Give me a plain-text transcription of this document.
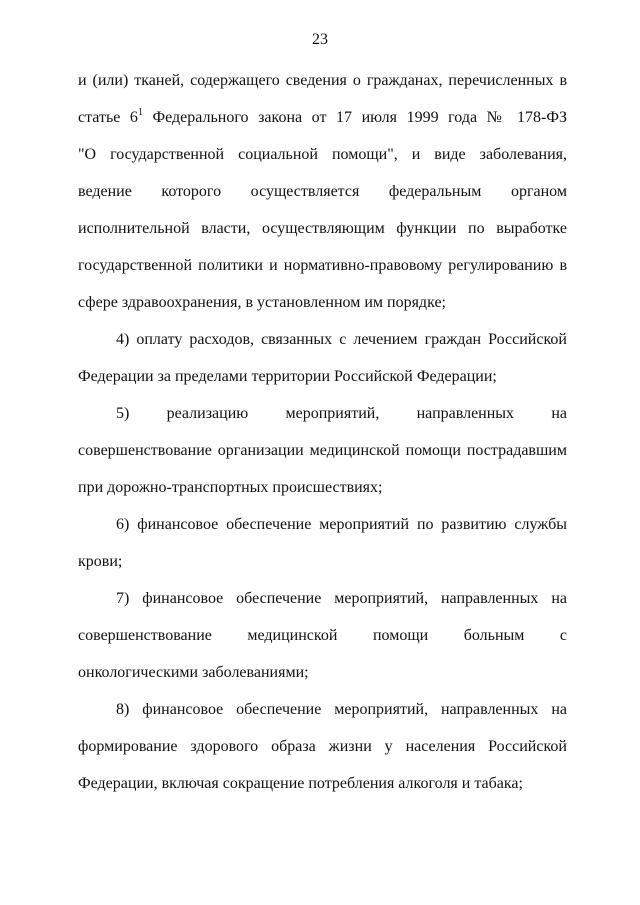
23
и (или) тканей, содержащего сведения о гражданах, перечисленных в
статье $6^1$ Федерального закона от 17 июля 1999 года № 178-ФЗ
"О государственной социальной помощи", и виде заболевания,
ведение которого осуществляется федеральным органом
исполнительной власти, осуществляющим функции по выработке
государственной политики и нормативно-правовому регулированию в
сфере здравоохранения, в установленном им порядке;
4) оплату расходов, связанных с лечением граждан Российской
Федерации за пределами территории Российской Федерации;
5) реализацию мероприятий, направленных на
совершенствование организации медицинской помощи пострадавшим
при дорожно-транспортных происшествиях;
6) финансовое обеспечение мероприятий по развитию службы
крови;
7) финансовое обеспечение мероприятий, направленных на
совершенствование медицинской помощи больным с
онкологическими заболеваниями;
8) финансовое обеспечение мероприятий, направленных на
формирование здорового образа жизни у населения Российской
Федерации, включая сокращение потребления алкоголя и табака;
